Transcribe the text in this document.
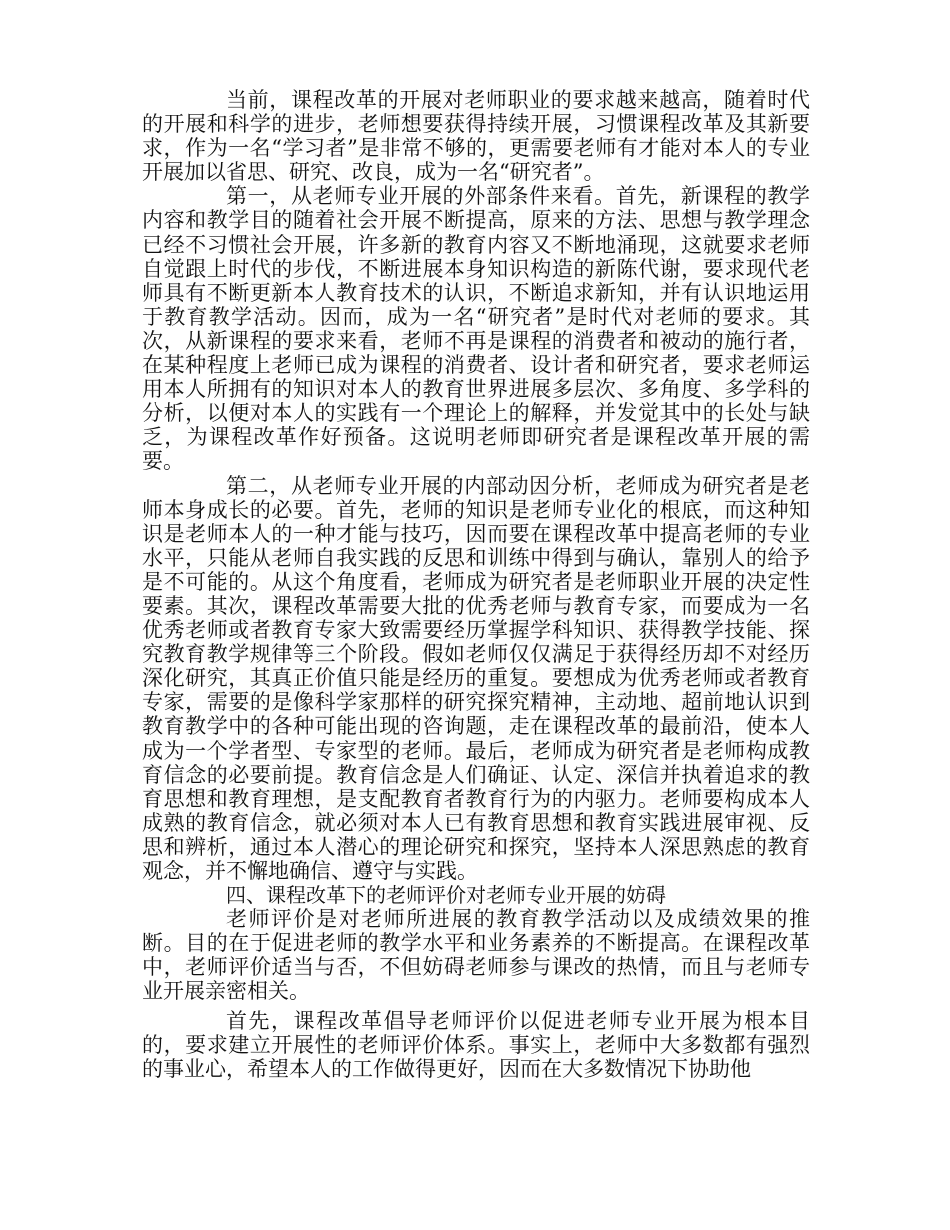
当前，课程改革的开展对老师职业的要求越来越高，随着时代的开展和科学的进步，老师想要获得持续开展，习惯课程改革及其新要求，作为一名“学习者”是非常不够的，更需要老师有才能对本人的专业开展加以省思、研究、改良，成为一名“研究者”。

第一，从老师专业开展的外部条件来看。首先，新课程的教学内容和教学目的随着社会开展不断提高，原来的方法、思想与教学理念已经不习惯社会开展，许多新的教育内容又不断地涌现，这就要求老师自觉跟上时代的步伐，不断进展本身知识构造的新陈代谢，要求现代老师具有不断更新本人教育技术的认识，不断追求新知，并有认识地运用于教育教学活动。因而，成为一名“研究者”是时代对老师的要求。其次，从新课程的要求来看，老师不再是课程的消费者和被动的施行者，在某种程度上老师已成为课程的消费者、设计者和研究者，要求老师运用本人所拥有的知识对本人的教育世界进展多层次、多角度、多学科的分析，以便对本人的实践有一个理论上的解释，并发觉其中的长处与缺乏，为课程改革作好预备。这说明老师即研究者是课程改革开展的需要。

第二，从老师专业开展的内部动因分析，老师成为研究者是老师本身成长的必要。首先，老师的知识是老师专业化的根底，而这种知识是老师本人的一种才能与技巧，因而要在课程改革中提高老师的专业水平，只能从老师自我实践的反思和训练中得到与确认，靠别人的给予是不可能的。从这个角度看，老师成为研究者是老师职业开展的决定性要素。其次，课程改革需要大批的优秀老师与教育专家，而要成为一名优秀老师或者教育专家大致需要经历掌握学科知识、获得教学技能、探究教育教学规律等三个阶段。假如老师仅仅满足于获得经历却不对经历深化研究，其真正价值只能是经历的重复。要想成为优秀老师或者教育专家，需要的是像科学家那样的研究探究精神，主动地、超前地认识到教育教学中的各种可能出现的咨询题，走在课程改革的最前沿，使本人成为一个学者型、专家型的老师。最后，老师成为研究者是老师构成教育信念的必要前提。教育信念是人们确证、认定、深信并执着追求的教育思想和教育理想，是支配教育者教育行为的内驱力。老师要构成本人成熟的教育信念，就必须对本人已有教育思想和教育实践进展审视、反思和辨析，通过本人潜心的理论研究和探究，坚持本人深思熟虑的教育观念，并不懈地确信、遵守与实践。

四、课程改革下的老师评价对老师专业开展的妨碍

老师评价是对老师所进展的教育教学活动以及成绩效果的推断。目的在于促进老师的教学水平和业务素养的不断提高。在课程改革中，老师评价适当与否，不但妨碍老师参与课改的热情，而且与老师专业开展亲密相关。

首先，课程改革倡导老师评价以促进老师专业开展为根本目的，要求建立开展性的老师评价体系。事实上，老师中大多数都有强烈的事业心，希望本人的工作做得更好，因而在大多数情况下协助他
